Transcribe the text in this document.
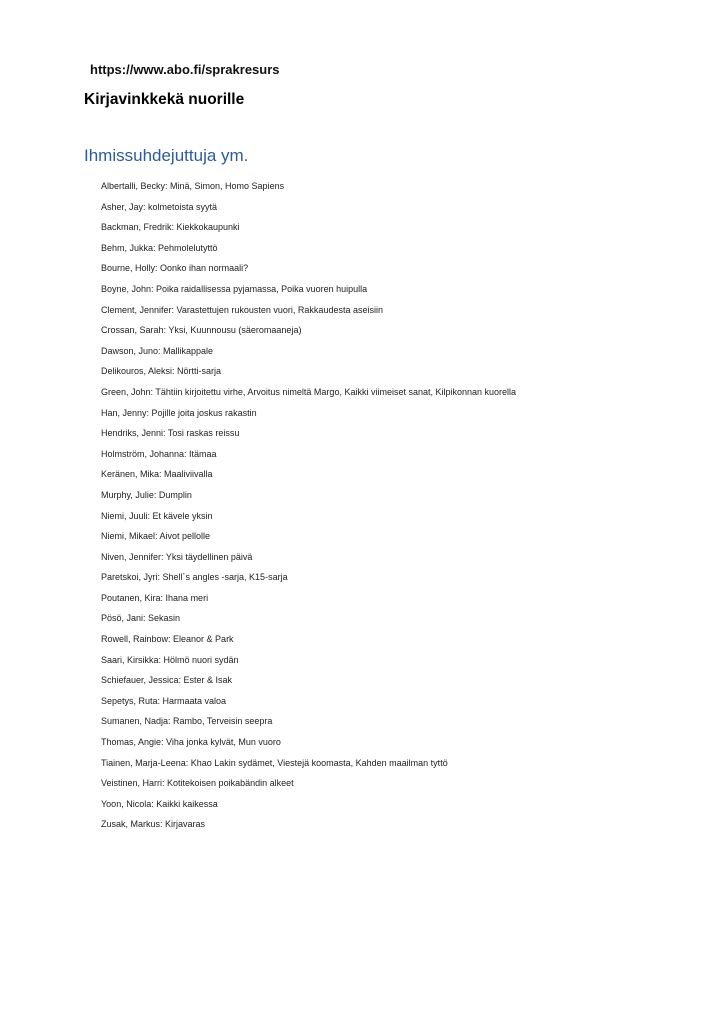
https://www.abo.fi/sprakresurs
Kirjavinkkekä nuorille
Ihmissuhdejuttuja ym.
Albertalli, Becky: Minä, Simon, Homo Sapiens
Asher, Jay: kolmetoista syytä
Backman, Fredrik: Kiekkokaupunki
Behm, Jukka: Pehmolelutyttö
Bourne, Holly: Oonko ihan normaali?
Boyne, John: Poika raidallisessa pyjamassa, Poika vuoren huipulla
Clement, Jennifer: Varastettujen rukousten vuori, Rakkaudesta aseisiin
Crossan, Sarah: Yksi, Kuunnousu (säeromaaneja)
Dawson, Juno: Mallikappale
Delikouros, Aleksi: Nörtti-sarja
Green, John: Tähtiin kirjoitettu virhe, Arvoitus nimeltä Margo, Kaikki viimeiset sanat, Kilpikonnan kuorella
Han, Jenny: Pojille joita joskus rakastin
Hendriks, Jenni: Tosi raskas reissu
Holmström, Johanna: Itämaa
Keränen, Mika: Maaliviivalla
Murphy, Julie: Dumplin
Niemi, Juuli: Et kävele yksin
Niemi, Mikael: Aivot pellolle
Niven, Jennifer: Yksi täydellinen päivä
Paretskoi, Jyri: Shell´s angles -sarja, K15-sarja
Poutanen, Kira: Ihana meri
Pösö, Jani: Sekasin
Rowell, Rainbow: Eleanor & Park
Saari, Kirsikka: Hölmö nuori sydän
Schiefauer, Jessica: Ester & Isak
Sepetys, Ruta: Harmaata valoa
Sumanen, Nadja: Rambo, Terveisin seepra
Thomas, Angie: Viha jonka kylvät, Mun vuoro
Tiainen, Marja-Leena: Khao Lakin sydämet, Viestejä koomasta, Kahden maailman tyttö
Veistinen, Harri: Kotitekoisen poikabändin alkeet
Yoon, Nicola: Kaikki kaikessa
Zusak, Markus: Kirjavaras
